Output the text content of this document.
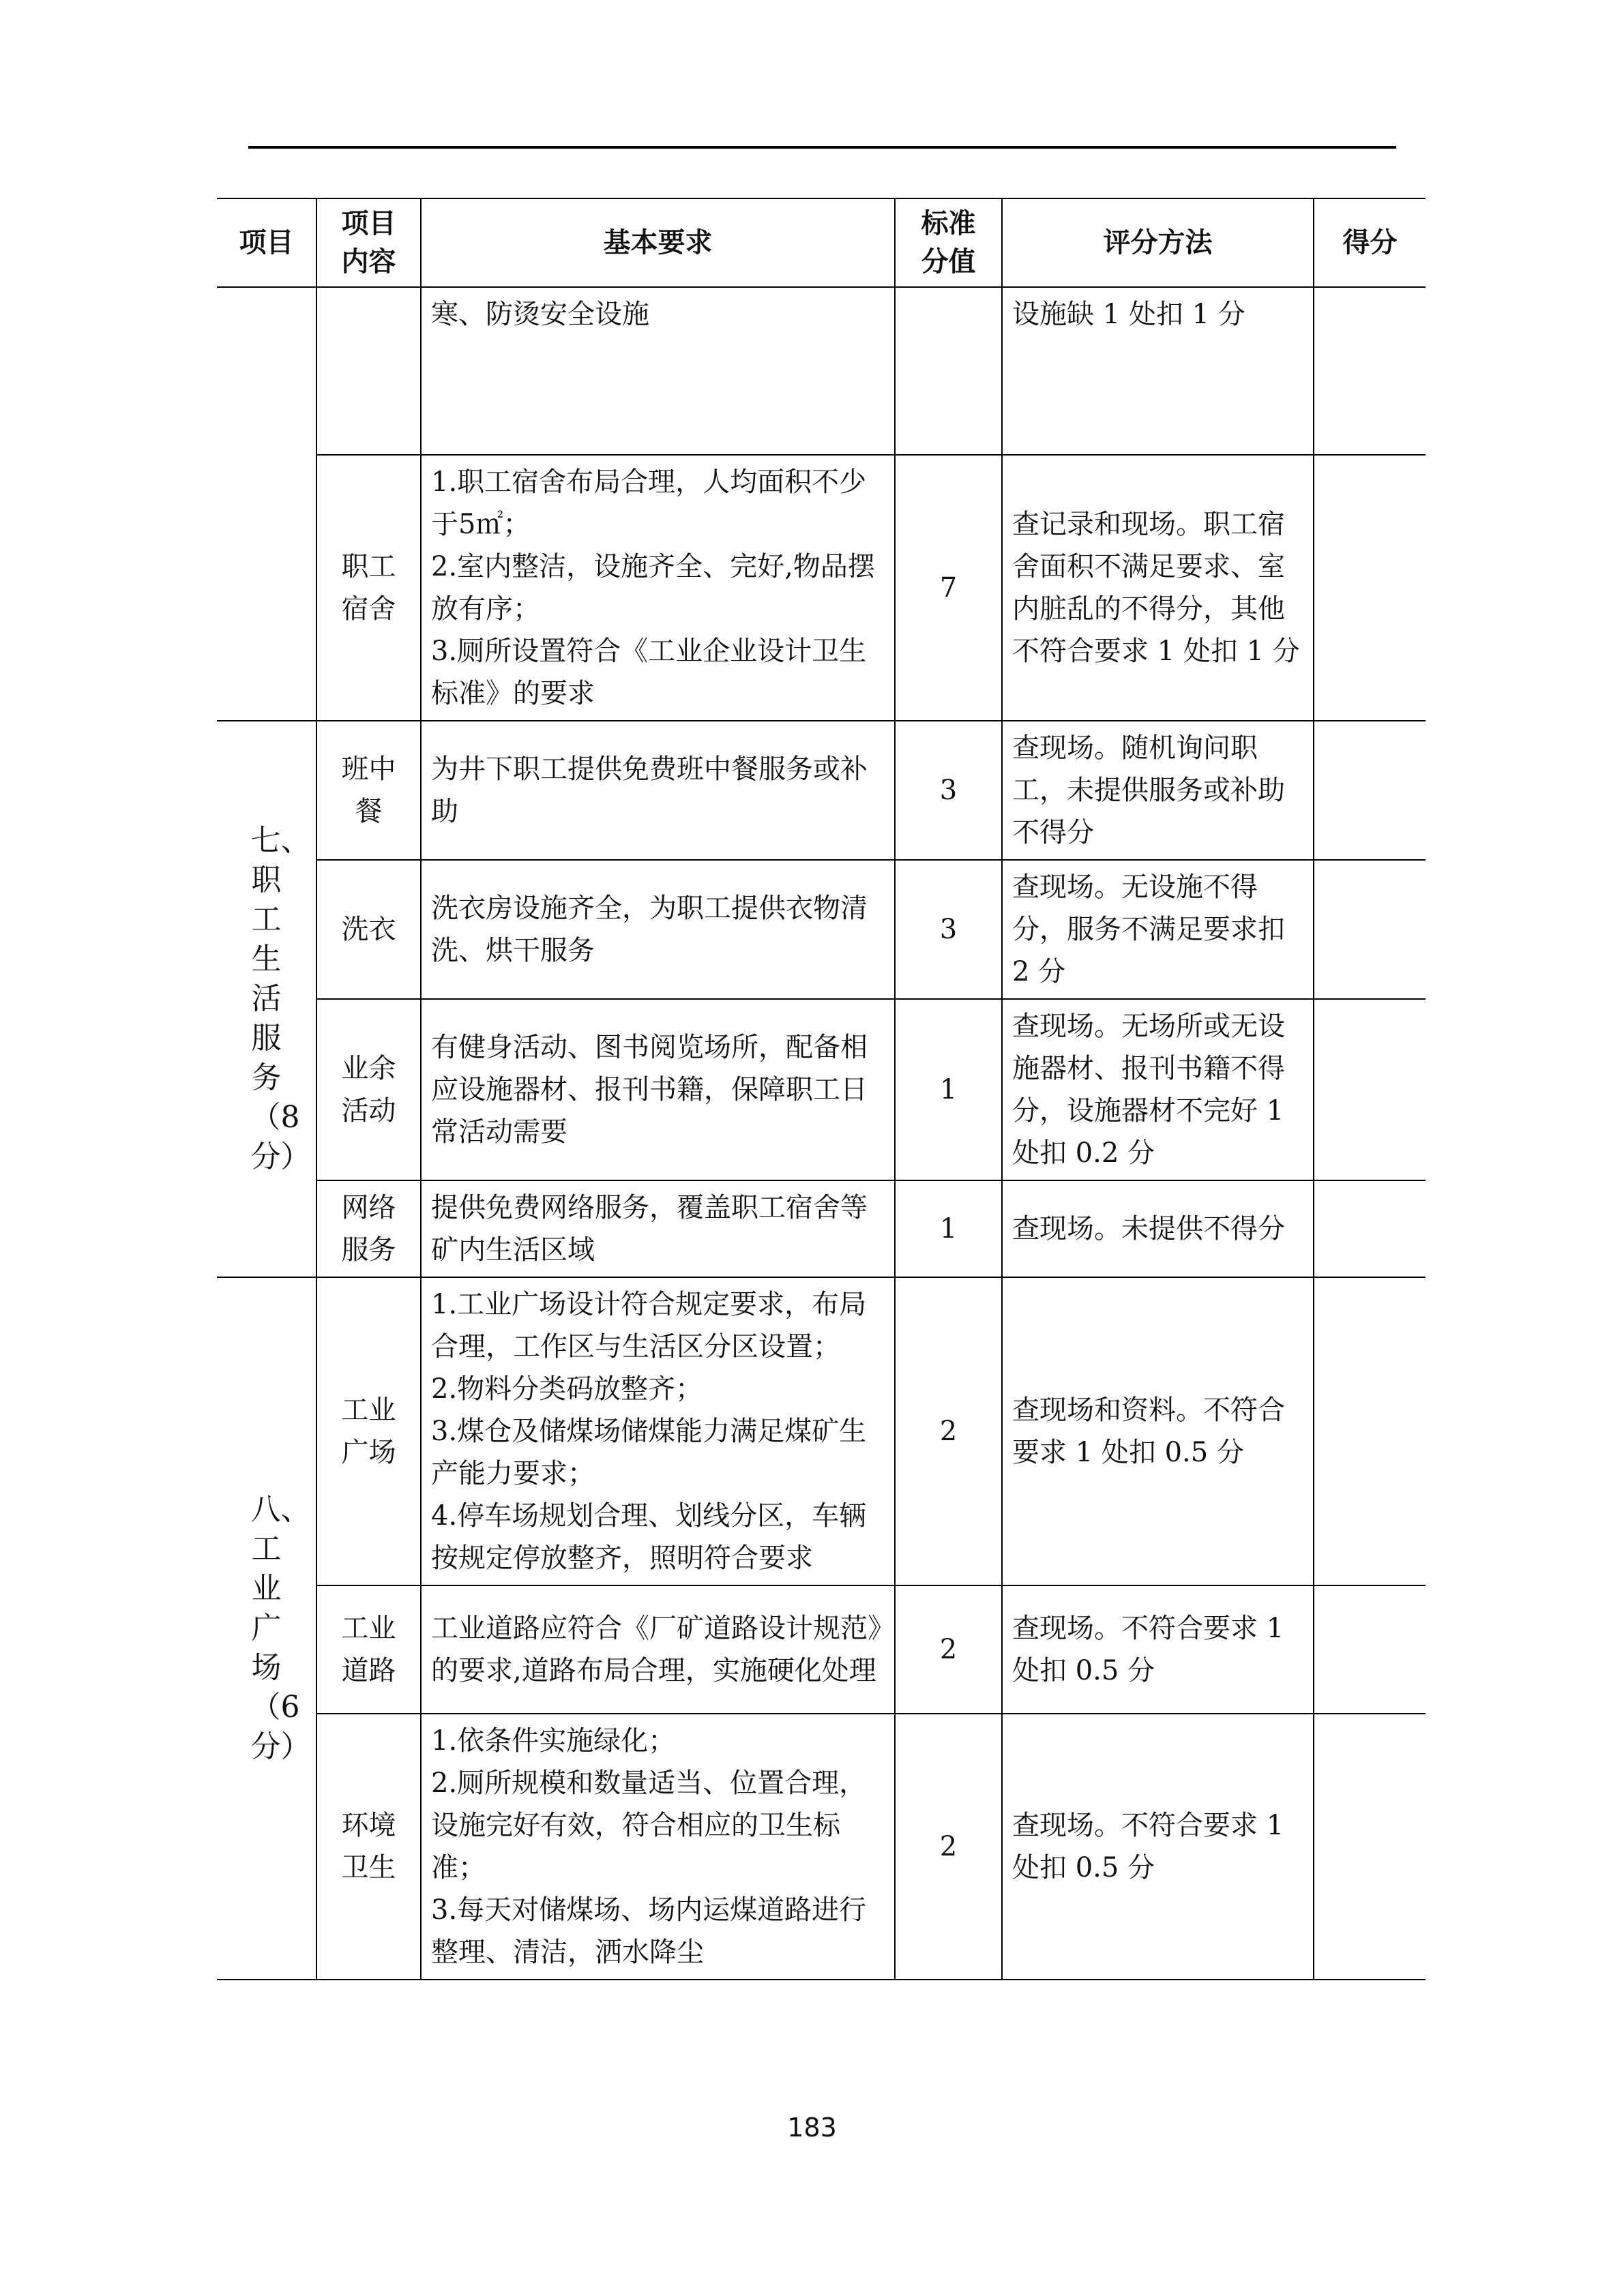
项目	项目内容	基本要求	标准分值	评分方法	得分

		寒、防烫安全设施		设施缺 1 处扣 1 分	

	职工宿舍	1.职工宿舍布局合理，人均面积不少于5㎡；
2.室内整洁，设施齐全、完好,物品摆放有序；
3.厕所设置符合《工业企业设计卫生标准》的要求	7	查记录和现场。职工宿舍面积不满足要求、室内脏乱的不得分，其他不符合要求 1 处扣 1 分	

七、职工生活服务（8分）	班中餐	为井下职工提供免费班中餐服务或补助	3	查现场。随机询问职工，未提供服务或补助不得分	

	洗衣	洗衣房设施齐全，为职工提供衣物清洗、烘干服务	3	查现场。无设施不得分，服务不满足要求扣 2 分	

	业余活动	有健身活动、图书阅览场所，配备相应设施器材、报刊书籍，保障职工日常活动需要	1	查现场。无场所或无设施器材、报刊书籍不得分，设施器材不完好 1 处扣 0.2 分	

	网络服务	提供免费网络服务，覆盖职工宿舍等矿内生活区域	1	查现场。未提供不得分	

八、工业广场（6分）	工业广场	1.工业广场设计符合规定要求，布局合理，工作区与生活区分区设置；
2.物料分类码放整齐；
3.煤仓及储煤场储煤能力满足煤矿生产能力要求；
4.停车场规划合理、划线分区，车辆按规定停放整齐，照明符合要求	2	查现场和资料。不符合要求 1 处扣 0.5 分	

	工业道路	工业道路应符合《厂矿道路设计规范》的要求,道路布局合理，实施硬化处理	2	查现场。不符合要求 1 处扣 0.5 分	

	环境卫生	1.依条件实施绿化；
2.厕所规模和数量适当、位置合理，设施完好有效，符合相应的卫生标准；
3.每天对储煤场、场内运煤道路进行整理、清洁，洒水降尘	2	查现场。不符合要求 1 处扣 0.5 分	
183
